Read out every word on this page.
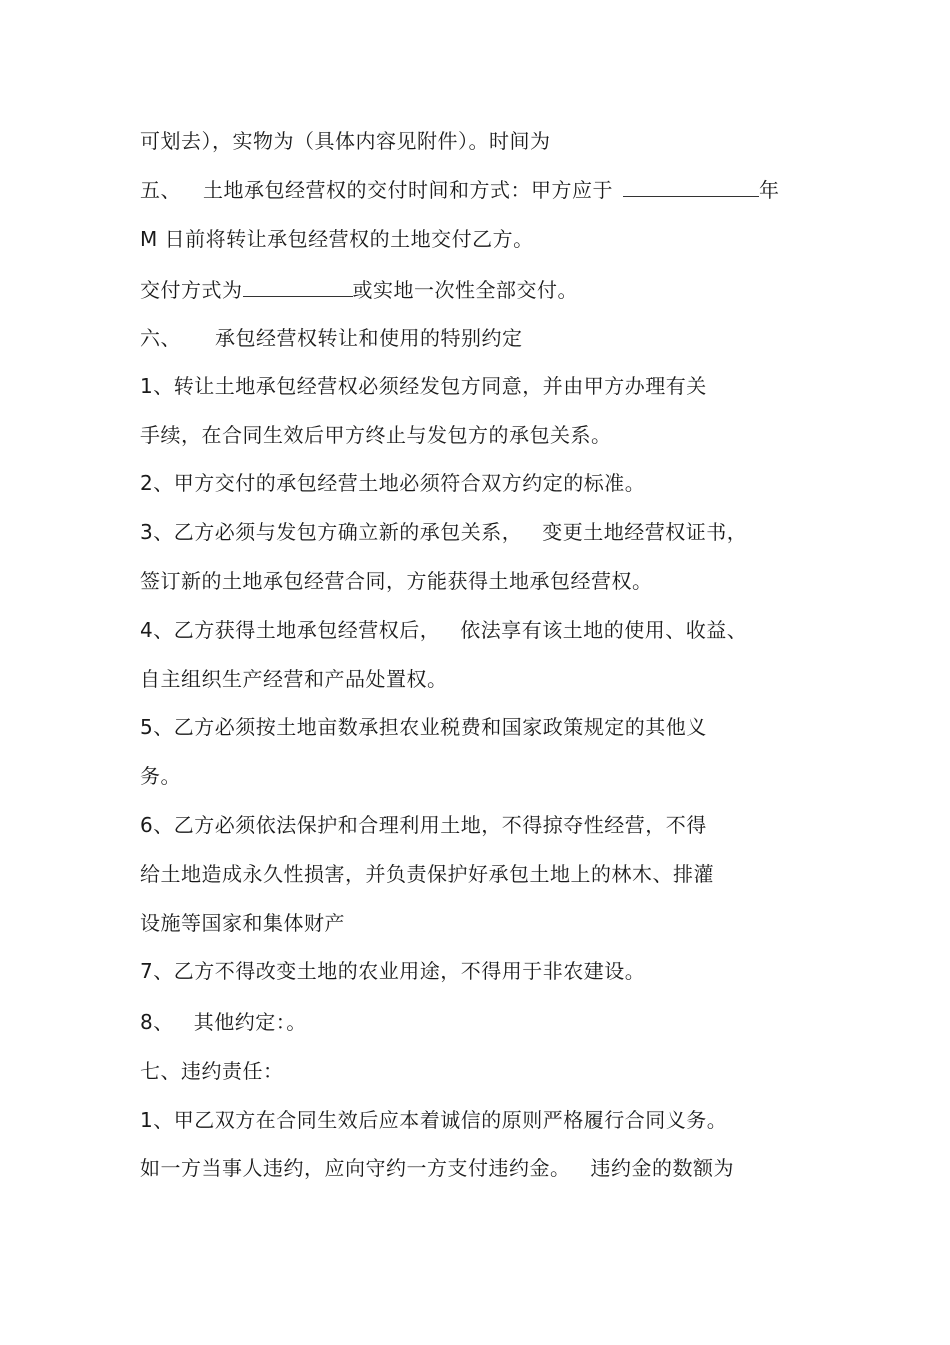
可划去），实物为（具体内容见附件）。时间为
五、 土地承包经营权的交付时间和方式：甲方应于	年
M 日前将转让承包经营权的土地交付乙方。
交付方式为	或实地一次性全部交付。
六、 承包经营权转让和使用的特别约定
1、转让土地承包经营权必须经发包方同意，并由甲方办理有关
手续，在合同生效后甲方终止与发包方的承包关系。
2、甲方交付的承包经营土地必须符合双方约定的标准。
3、乙方必须与发包方确立新的承包关系， 变更土地经营权证书，
签订新的土地承包经营合同，方能获得土地承包经营权。
4、乙方获得土地承包经营权后， 依法享有该土地的使用、收益、
自主组织生产经营和产品处置权。
5、乙方必须按土地亩数承担农业税费和国家政策规定的其他义
务。
6、乙方必须依法保护和合理利用土地，不得掠夺性经营，不得
给土地造成永久性损害，并负责保护好承包土地上的林木、排灌
设施等国家和集体财产
7、乙方不得改变土地的农业用途，不得用于非农建设。
8、 其他约定：。
七、违约责任：
1、甲乙双方在合同生效后应本着诚信的原则严格履行合同义务。
如一方当事人违约，应向守约一方支付违约金。 违约金的数额为
